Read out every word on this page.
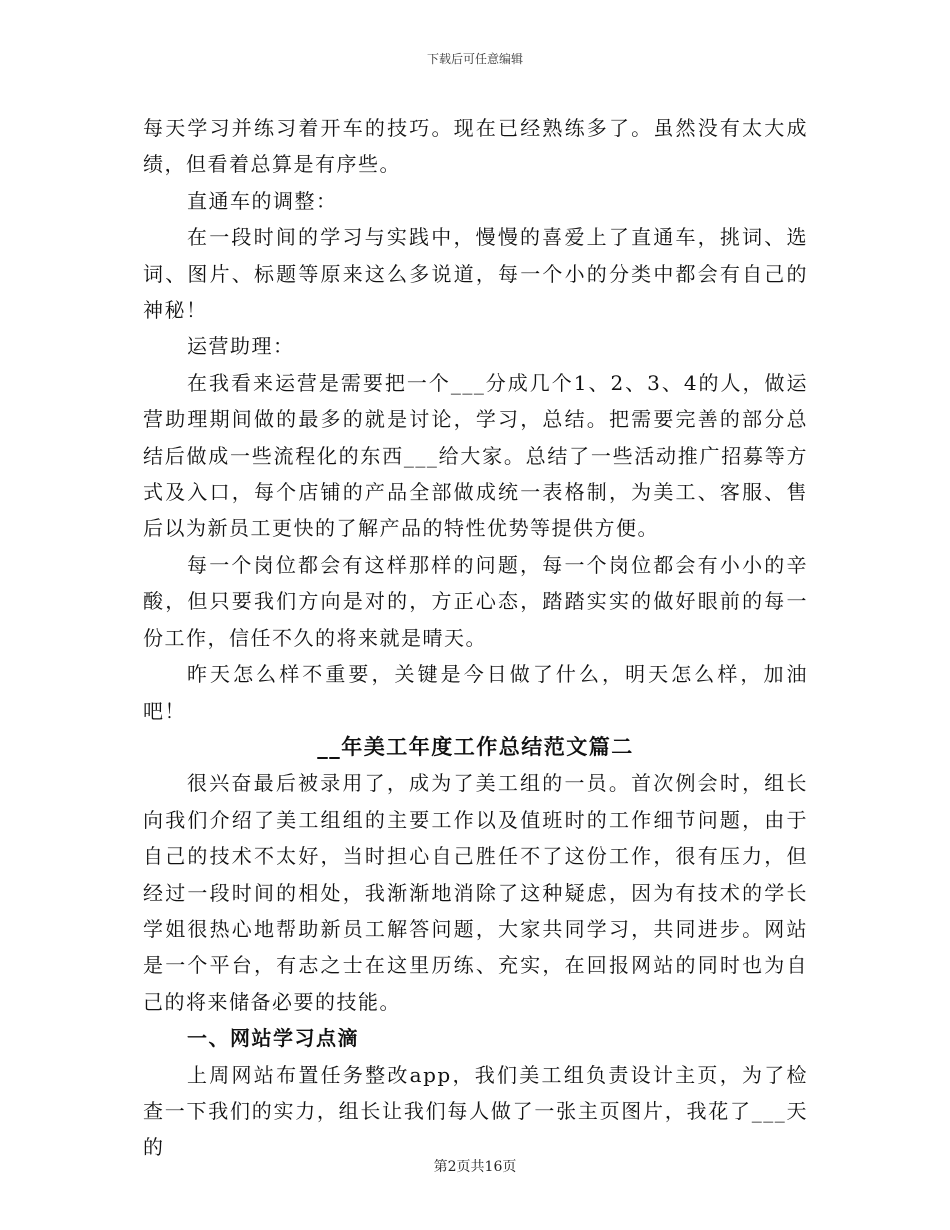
下载后可任意编辑

每天学习并练习着开车的技巧。现在已经熟练多了。虽然没有太大成绩，但看着总算是有序些。

直通车的调整：

在一段时间的学习与实践中，慢慢的喜爱上了直通车，挑词、选词、图片、标题等原来这么多说道，每一个小的分类中都会有自己的神秘！

运营助理：

在我看来运营是需要把一个___分成几个1、2、3、4的人，做运营助理期间做的最多的就是讨论，学习，总结。把需要完善的部分总结后做成一些流程化的东西___给大家。总结了一些活动推广招募等方式及入口，每个店铺的产品全部做成统一表格制，为美工、客服、售后以为新员工更快的了解产品的特性优势等提供方便。

每一个岗位都会有这样那样的问题，每一个岗位都会有小小的辛酸，但只要我们方向是对的，方正心态，踏踏实实的做好眼前的每一份工作，信任不久的将来就是晴天。

昨天怎么样不重要，关键是今日做了什么，明天怎么样，加油吧！

__年美工年度工作总结范文篇二

很兴奋最后被录用了，成为了美工组的一员。首次例会时，组长向我们介绍了美工组组的主要工作以及值班时的工作细节问题，由于自己的技术不太好，当时担心自己胜任不了这份工作，很有压力，但经过一段时间的相处，我渐渐地消除了这种疑虑，因为有技术的学长学姐很热心地帮助新员工解答问题，大家共同学习，共同进步。网站是一个平台，有志之士在这里历练、充实，在回报网站的同时也为自己的将来储备必要的技能。

一、网站学习点滴

上周网站布置任务整改app，我们美工组负责设计主页，为了检查一下我们的实力，组长让我们每人做了一张主页图片，我花了___天的

第2页共16页
